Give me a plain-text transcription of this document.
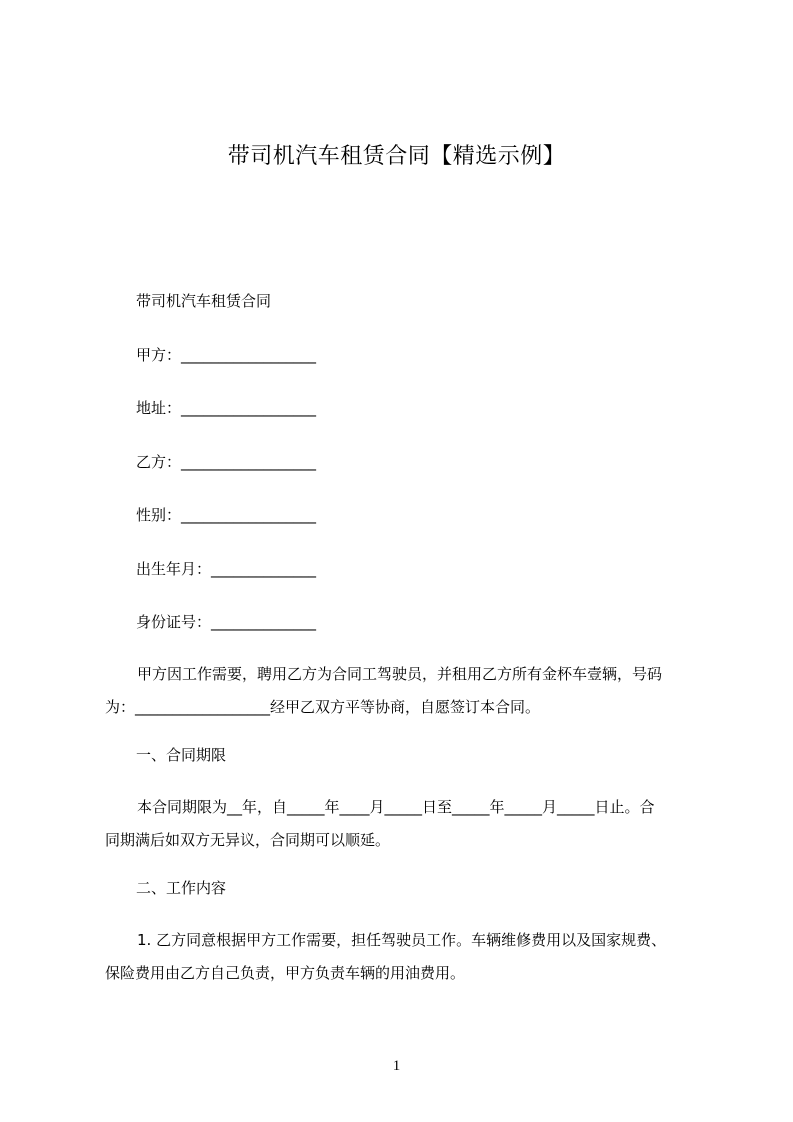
带司机汽车租赁合同【精选示例】
带司机汽车租赁合同
甲方：__________________
地址：__________________
乙方：__________________
性别：__________________
出生年月：______________
身份证号：______________
甲方因工作需要，聘用乙方为合同工驾驶员，并租用乙方所有金杯车壹辆，号码
为：__________________经甲乙双方平等协商，自愿签订本合同。
一、合同期限
本合同期限为__年，自_____年____月_____日至_____年_____月_____日止。合
同期满后如双方无异议，合同期可以顺延。
二、工作内容
1. 乙方同意根据甲方工作需要，担任驾驶员工作。车辆维修费用以及国家规费、
保险费用由乙方自己负责，甲方负责车辆的用油费用。
1
